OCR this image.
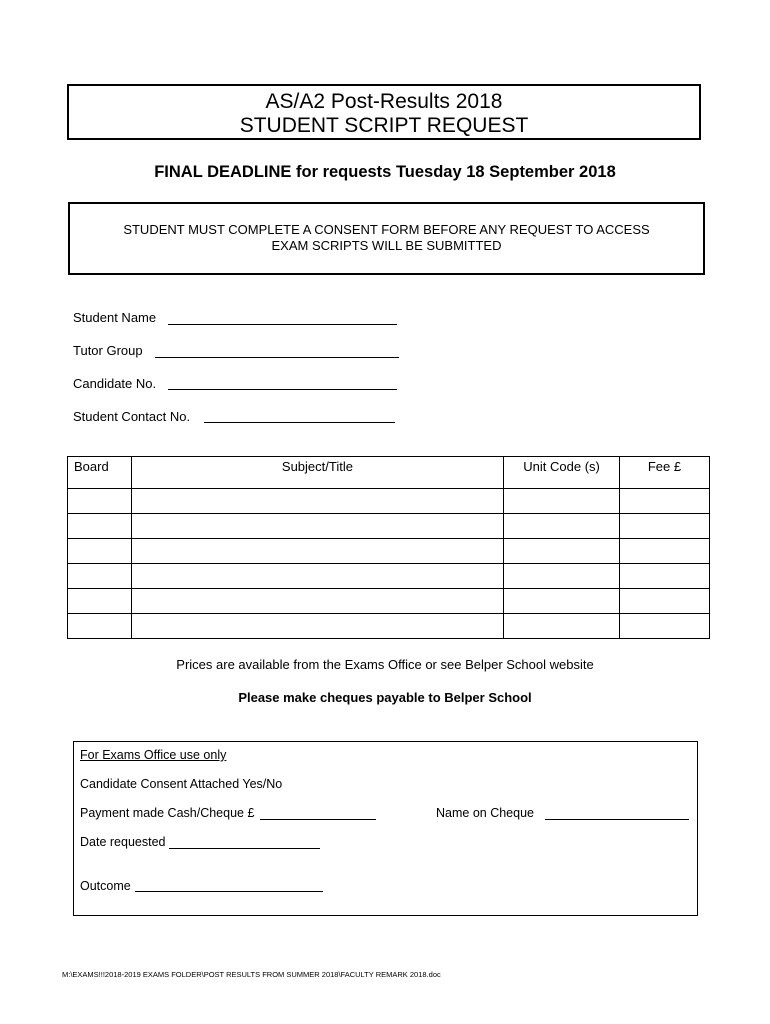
AS/A2 Post-Results 2018
STUDENT SCRIPT REQUEST
FINAL DEADLINE for requests Tuesday 18 September 2018
STUDENT MUST COMPLETE A CONSENT FORM BEFORE ANY REQUEST TO ACCESS
EXAM SCRIPTS WILL BE SUBMITTED
Student Name
Tutor Group
Candidate No.
Student Contact No.
Board	Subject/Title	Unit Code (s)	Fee £

Prices are available from the Exams Office or see Belper School website
Please make cheques payable to Belper School
For Exams Office use only
Candidate Consent Attached Yes/No
Payment made Cash/Cheque £	Name on Cheque
Date requested
Outcome
M:\EXAMS!!!2018-2019 EXAMS FOLDER\POST RESULTS FROM SUMMER 2018\FACULTY REMARK 2018.doc
